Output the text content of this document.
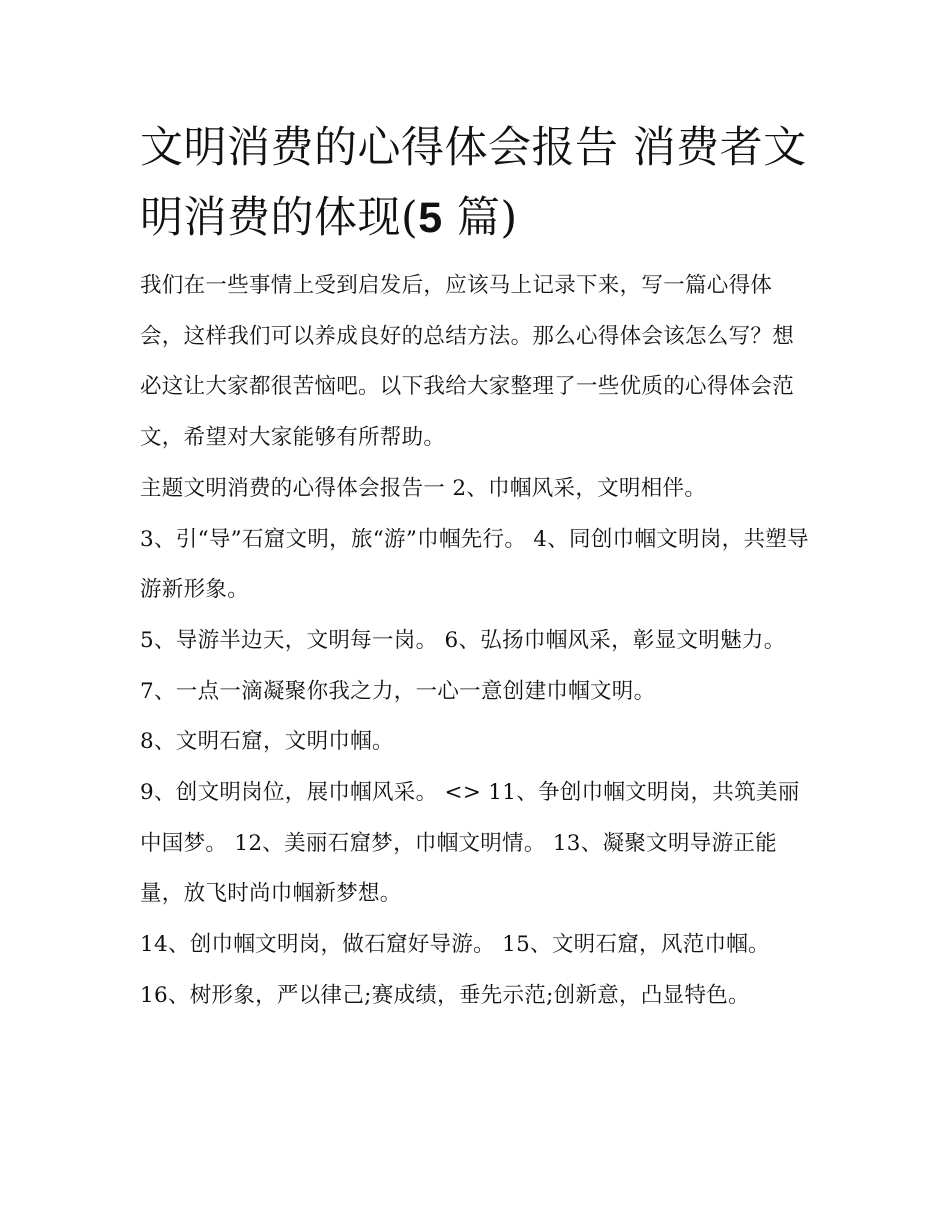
文明消费的心得体会报告 消费者文明消费的体现(5 篇)

我们在一些事情上受到启发后，应该马上记录下来，写一篇心得体会，这样我们可以养成良好的总结方法。那么心得体会该怎么写？想必这让大家都很苦恼吧。以下我给大家整理了一些优质的心得体会范文，希望对大家能够有所帮助。

主题文明消费的心得体会报告一 2、巾帼风采，文明相伴。

3、引“导”石窟文明，旅“游”巾帼先行。 4、同创巾帼文明岗，共塑导游新形象。

5、导游半边天，文明每一岗。 6、弘扬巾帼风采，彰显文明魅力。 7、一点一滴凝聚你我之力，一心一意创建巾帼文明。

8、文明石窟，文明巾帼。

9、创文明岗位，展巾帼风采。 <> 11、争创巾帼文明岗，共筑美丽中国梦。 12、美丽石窟梦，巾帼文明情。 13、凝聚文明导游正能量，放飞时尚巾帼新梦想。

14、创巾帼文明岗，做石窟好导游。 15、文明石窟，风范巾帼。 16、树形象，严以律己;赛成绩，垂先示范;创新意，凸显特色。
